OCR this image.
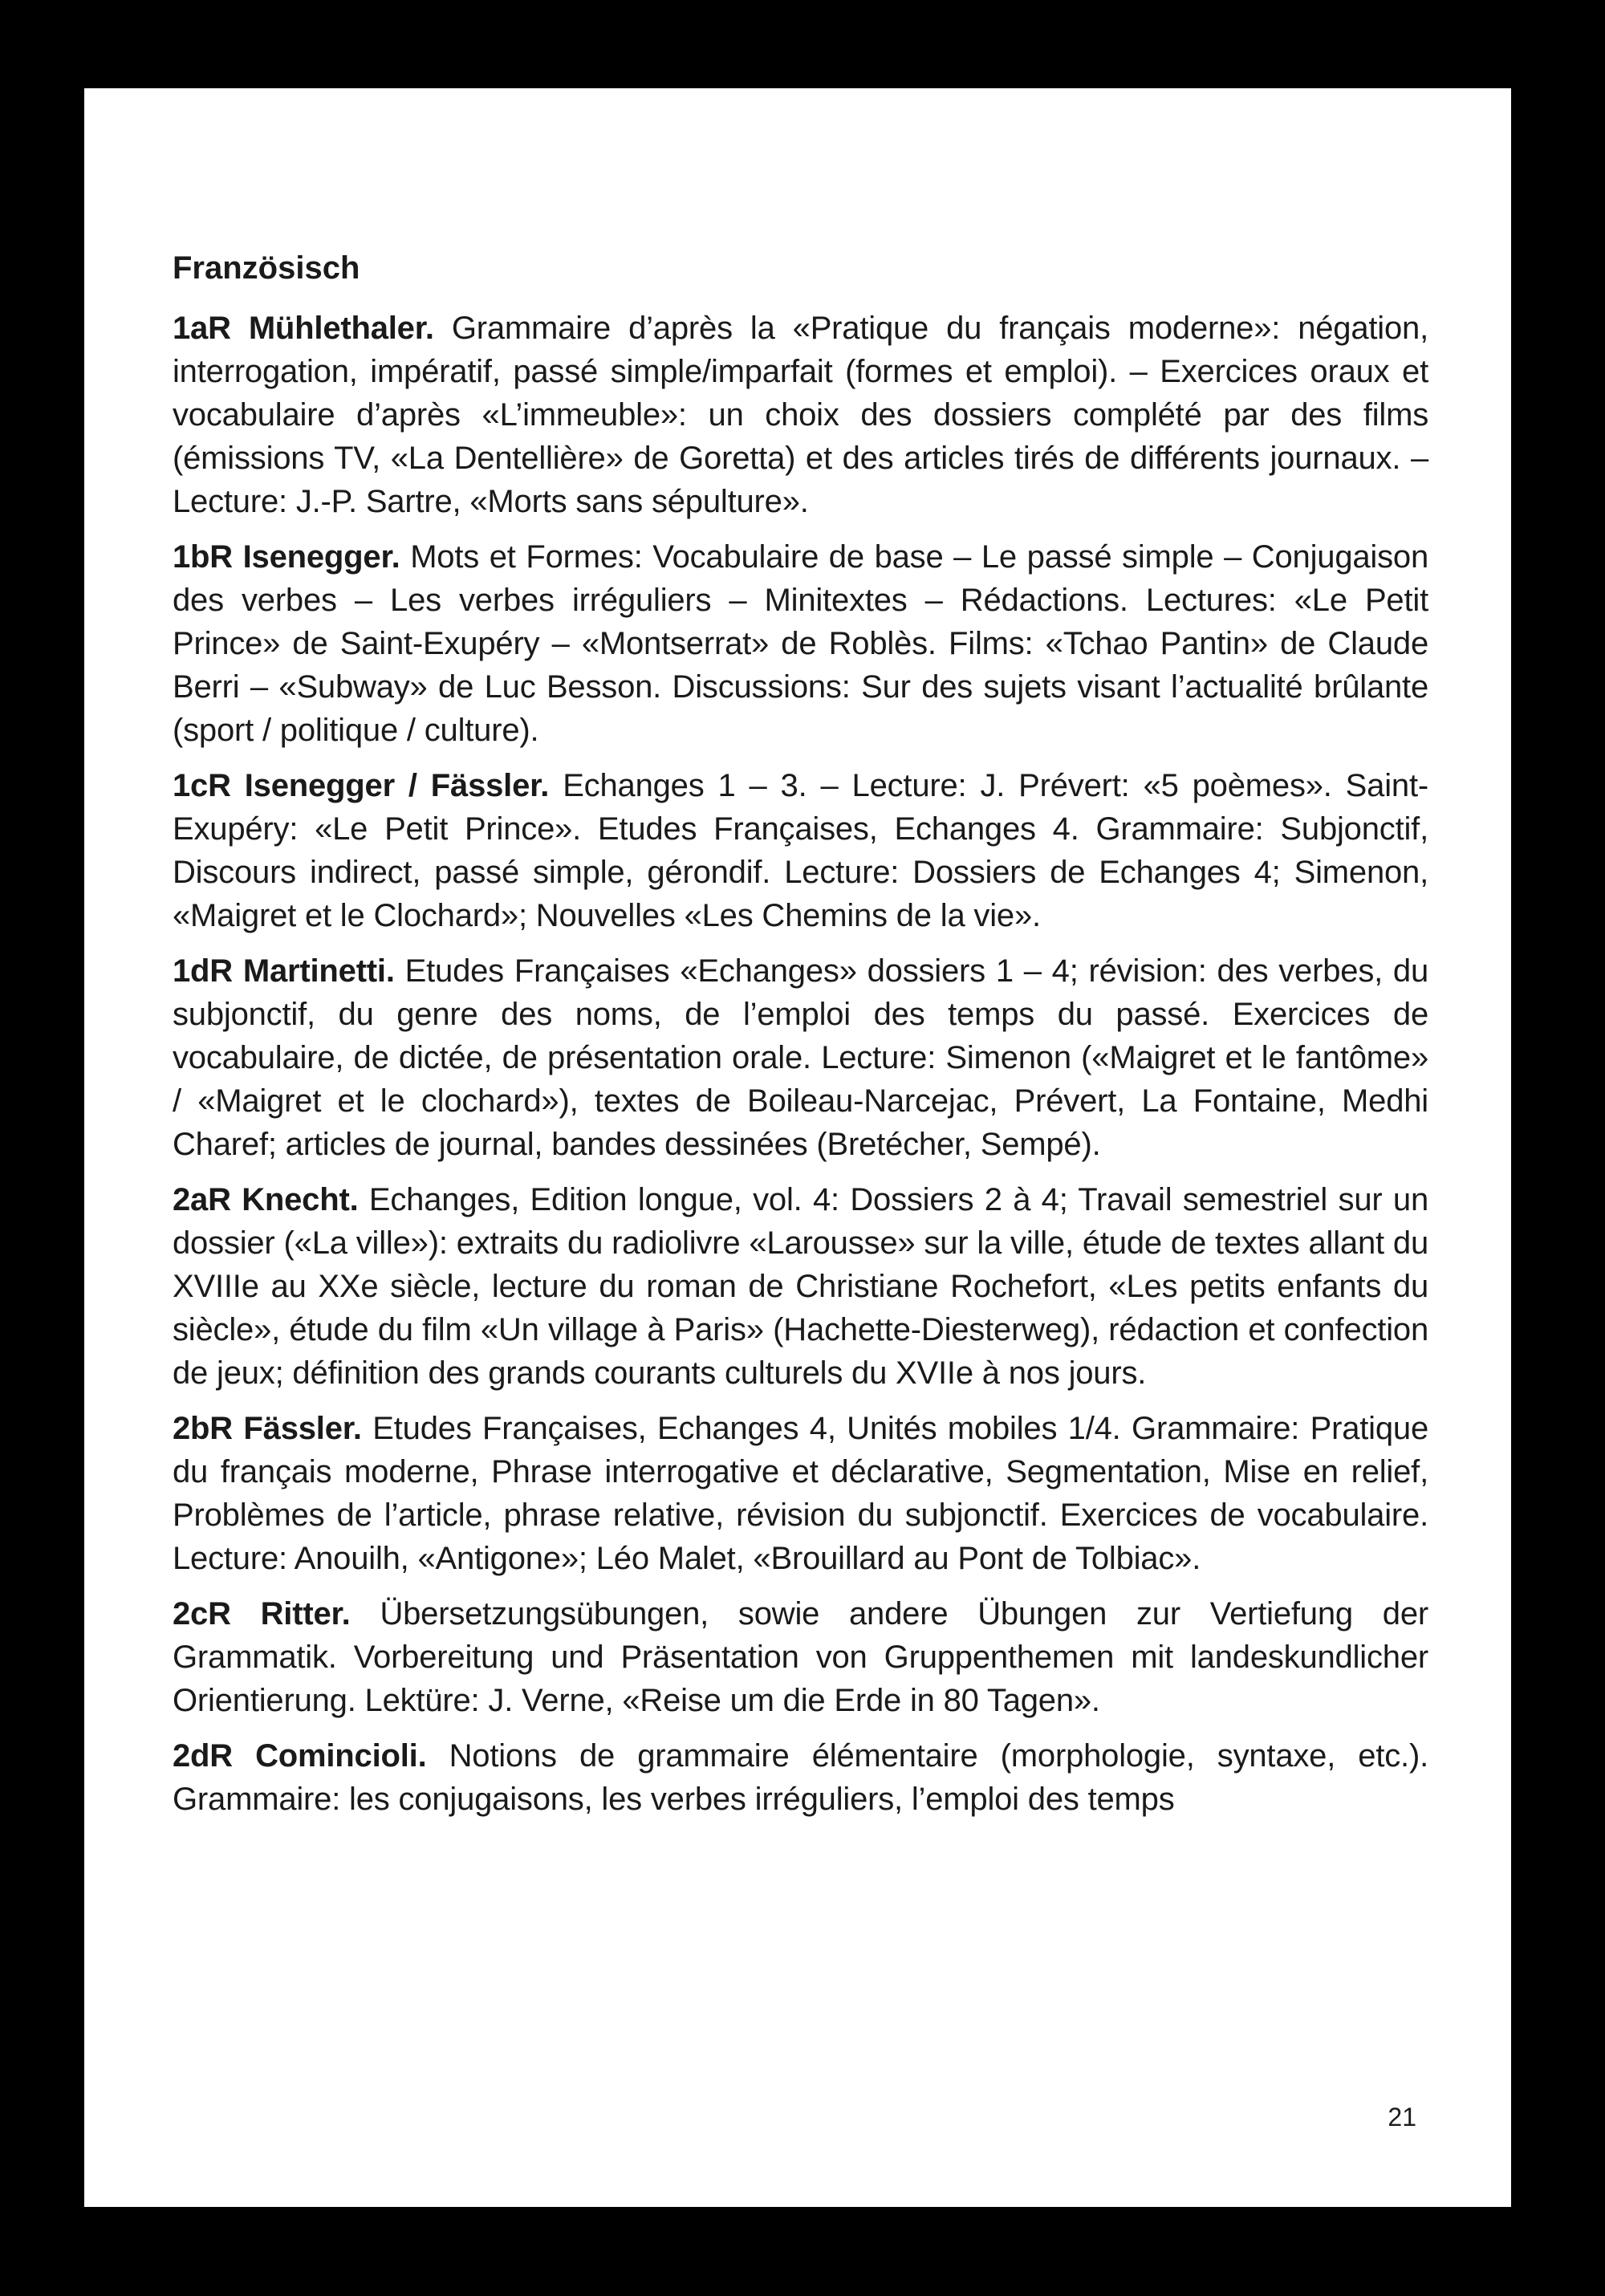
Französisch

1aR Mühlethaler. Grammaire d’après la «Pratique du français moderne»: négation, interrogation, impératif, passé simple/imparfait (formes et emploi). – Exercices oraux et vocabulaire d’après «L’immeuble»: un choix des dossiers complété par des films (émissions TV, «La Dentellière» de Goretta) et des articles tirés de différents journaux. – Lecture: J.-P. Sartre, «Morts sans sépulture».

1bR Isenegger. Mots et Formes: Vocabulaire de base – Le passé simple – Conjugaison des verbes – Les verbes irréguliers – Minitextes – Rédactions. Lectures: «Le Petit Prince» de Saint-Exupéry – «Montserrat» de Roblès. Films: «Tchao Pantin» de Claude Berri – «Subway» de Luc Besson. Discussions: Sur des sujets visant l’actualité brûlante (sport / politique / culture).

1cR Isenegger / Fässler. Echanges 1 – 3. – Lecture: J. Prévert: «5 poèmes». Saint-Exupéry: «Le Petit Prince». Etudes Françaises, Echanges 4. Grammaire: Subjonctif, Discours indirect, passé simple, gérondif. Lecture: Dossiers de Echanges 4; Simenon, «Maigret et le Clochard»; Nouvelles «Les Chemins de la vie».

1dR Martinetti. Etudes Françaises «Echanges» dossiers 1 – 4; révision: des verbes, du subjonctif, du genre des noms, de l’emploi des temps du passé. Exercices de vocabulaire, de dictée, de présentation orale. Lecture: Simenon («Maigret et le fantôme» / «Maigret et le clochard»), textes de Boileau-Narcejac, Prévert, La Fontaine, Medhi Charef; articles de journal, bandes dessinées (Bretécher, Sempé).

2aR Knecht. Echanges, Edition longue, vol. 4: Dossiers 2 à 4; Travail semestriel sur un dossier («La ville»): extraits du radiolivre «Larousse» sur la ville, étude de textes allant du XVIIIe au XXe siècle, lecture du roman de Christiane Rochefort, «Les petits enfants du siècle», étude du film «Un village à Paris» (Hachette-Diesterweg), rédaction et confection de jeux; définition des grands courants culturels du XVIIe à nos jours.

2bR Fässler. Etudes Françaises, Echanges 4, Unités mobiles 1/4. Grammaire: Pratique du français moderne, Phrase interrogative et déclarative, Segmentation, Mise en relief, Problèmes de l’article, phrase relative, révision du subjonctif. Exercices de vocabulaire. Lecture: Anouilh, «Antigone»; Léo Malet, «Brouillard au Pont de Tolbiac».

2cR Ritter. Übersetzungsübungen, sowie andere Übungen zur Vertiefung der Grammatik. Vorbereitung und Präsentation von Gruppenthemen mit landeskundlicher Orientierung. Lektüre: J. Verne, «Reise um die Erde in 80 Tagen».

2dR Comincioli. Notions de grammaire élémentaire (morphologie, syntaxe, etc.). Grammaire: les conjugaisons, les verbes irréguliers, l’emploi des temps

21
